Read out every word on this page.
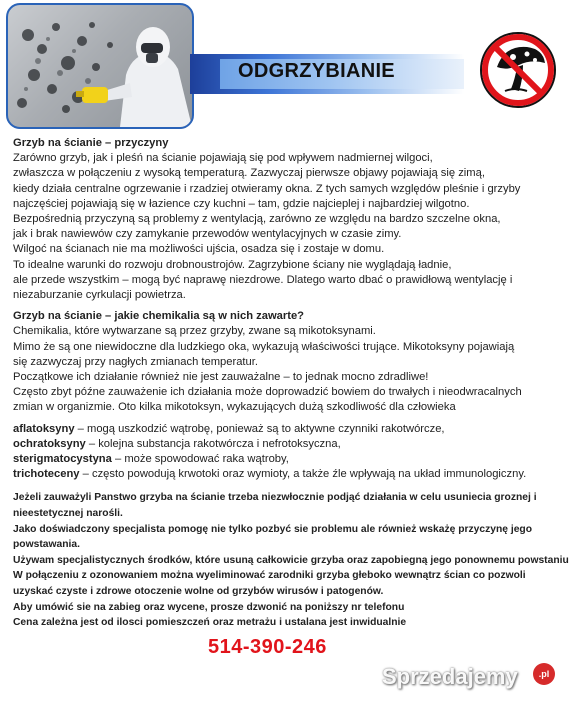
ODGRZYBIANIE

Grzyb na ścianie – przyczyny

Zarówno grzyb, jak i pleśń na ścianie pojawiają się pod wpływem nadmiernej wilgoci,

zwłaszcza w połączeniu z wysoką temperaturą. Zazwyczaj pierwsze objawy pojawiają się zimą,

kiedy działa centralne ogrzewanie i rzadziej otwieramy okna. Z tych samych względów pleśnie i grzyby

najczęściej pojawiają się w łazience czy kuchni – tam, gdzie najcieplej i najbardziej wilgotno.

Bezpośrednią przyczyną są problemy z wentylacją, zarówno ze względu na bardzo szczelne okna,

jak i brak nawiewów czy zamykanie przewodów wentylacyjnych w czasie zimy.

Wilgoć na ścianach nie ma możliwości ujścia, osadza się i zostaje w domu.

To idealne warunki do rozwoju drobnoustrojów. Zagrzybione ściany nie wyglądają ładnie,

ale przede wszystkim – mogą być naprawę niezdrowe. Dlatego warto dbać o prawidłową wentylację i

niezaburzanie cyrkulacji powietrza.

Grzyb na ścianie – jakie chemikalia są w nich zawarte?

Chemikalia, które wytwarzane są przez grzyby, zwane są mikotoksynami.

Mimo że są one niewidoczne dla ludzkiego oka, wykazują właściwości trujące. Mikotoksyny pojawiają

się zazwyczaj przy nagłych zmianach temperatur.

Początkowe ich działanie również nie jest zauważalne – to jednak mocno zdradliwe!

Często zbyt późne zauważenie ich działania może doprowadzić bowiem do trwałych i nieodwracalnych

zmian w organizmie. Oto kilka mikotoksyn, wykazujących dużą szkodliwość dla człowieka

aflatoksyny – mogą uszkodzić wątrobę, ponieważ są to aktywne czynniki rakotwórcze,

ochratoksyny – kolejna substancja rakotwórcza i nefrotoksyczna,

sterigmatocystyna – może spowodować raka wątroby,

trichoteceny – często powodują krwotoki oraz wymioty, a także źle wpływają na układ immunologiczny.

Jeżeli zauważyli Panstwo grzyba na ścianie trzeba niezwłocznie podjąć działania w celu usuniecia groznej i

nieestetycznej narośli.

Jako doświadczony specjalista pomogę nie tylko pozbyć sie problemu ale również wskażę przyczynę jego

powstawania.

Używam specjalistycznych środków, które usuną całkowicie grzyba oraz zapobiegną jego ponownemu powstaniu

W połączeniu z ozonowaniem można wyeliminować zarodniki grzyba głeboko wewnątrz ścian co pozwoli

uzyskać czyste i zdrowe otoczenie wolne od grzybów wirusów i patogenów.

Aby umówić sie na zabieg oraz wycene, prosze dzwonić na poniższy nr telefonu

Cena zależna jest od ilosci pomieszczeń oraz metrażu i ustalana jest inwidualnie

514-390-246
Sprzedajemy	.pl
